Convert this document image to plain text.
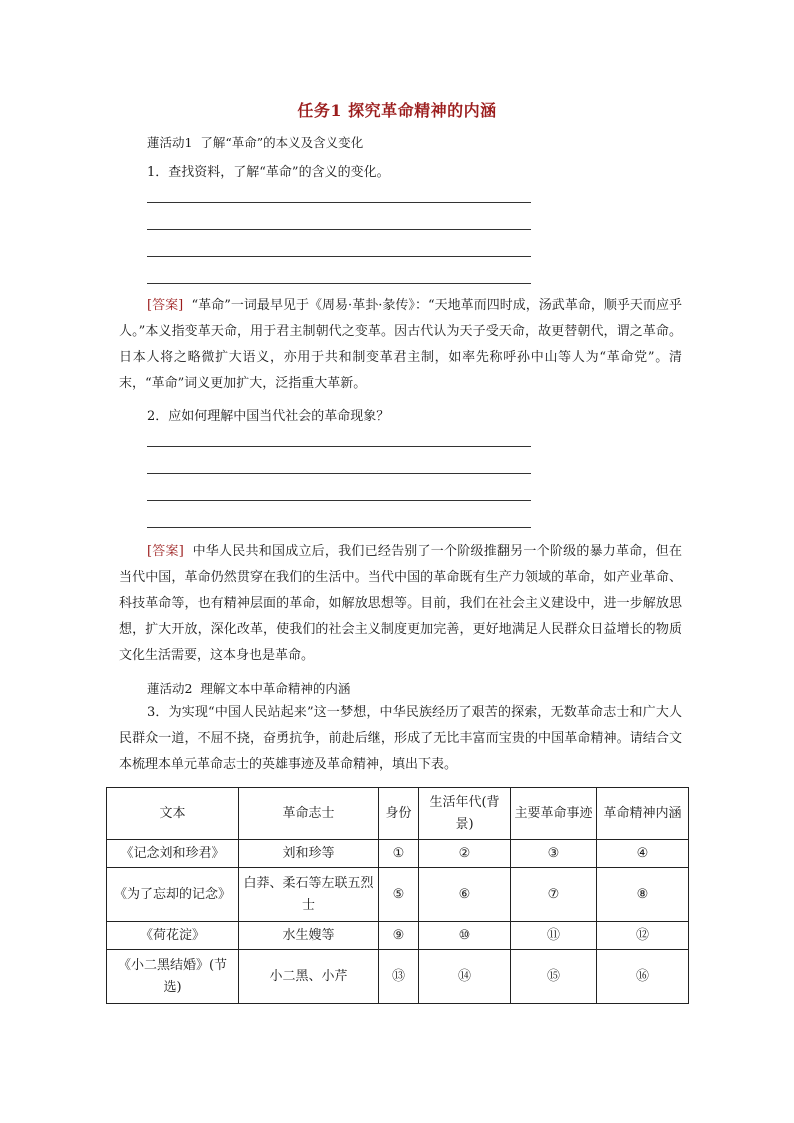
任务1 探究革命精神的内涵
蓮活动1 了解“革命”的本义及含义变化
1．查找资料，了解“革命”的含义的变化。

[答案] “革命”一词最早见于《周易·革卦·彖传》：“天地革而四时成，汤武革命，顺乎天而应乎人。”本义指变革天命，用于君主制朝代之变革。因古代认为天子受天命，故更替朝代，谓之革命。日本人将之略微扩大语义，亦用于共和制变革君主制，如率先称呼孙中山等人为“革命党”。清末，“革命”词义更加扩大，泛指重大革新。

2．应如何理解中国当代社会的革命现象？

[答案] 中华人民共和国成立后，我们已经告别了一个阶级推翻另一个阶级的暴力革命，但在当代中国，革命仍然贯穿在我们的生活中。当代中国的革命既有生产力领域的革命，如产业革命、科技革命等，也有精神层面的革命，如解放思想等。目前，我们在社会主义建设中，进一步解放思想，扩大开放，深化改革，使我们的社会主义制度更加完善，更好地满足人民群众日益增长的物质文化生活需要，这本身也是革命。

蓮活动2 理解文本中革命精神的内涵

3．为实现“中国人民站起来”这一梦想，中华民族经历了艰苦的探索，无数革命志士和广大人民群众一道，不屈不挠，奋勇抗争，前赴后继，形成了无比丰富而宝贵的中国革命精神。请结合文本梳理本单元革命志士的英雄事迹及革命精神，填出下表。

文本	革命志士	身份	生活年代(背景)	主要革命事迹	革命精神内涵
《记念刘和珍君》	刘和珍等	①	②	③	④
《为了忘却的记念》	白莽、柔石等左联五烈士	⑤	⑥	⑦	⑧
《荷花淀》	水生嫂等	⑨	⑩	⑪	⑫
《小二黑结婚》(节选)	小二黑、小芹	⑬	⑭	⑮	⑯
